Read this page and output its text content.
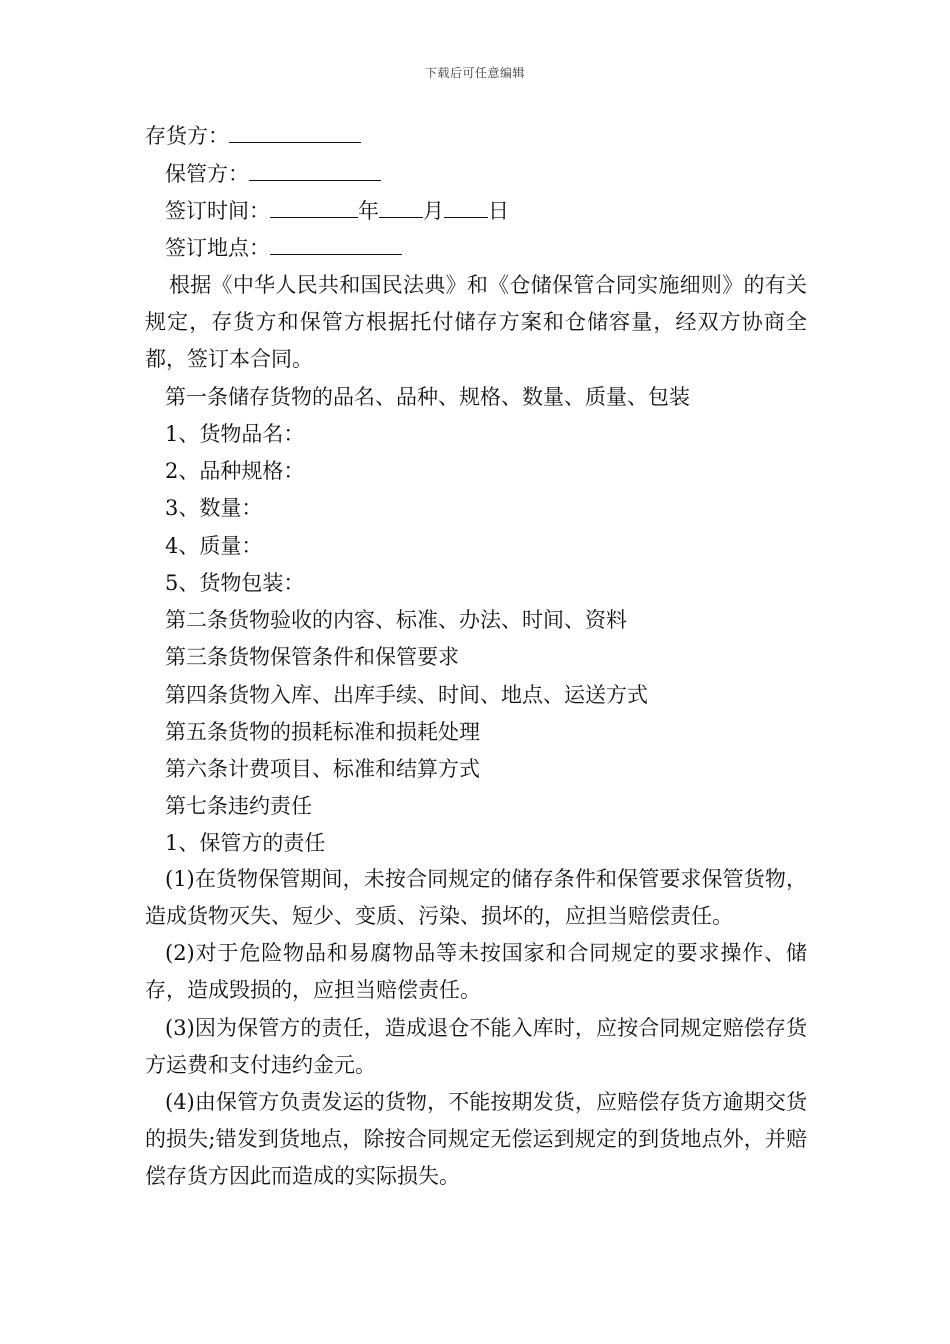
下载后可任意编辑
存货方：
保管方：
签订时间：	年 月 日
签订地点：
根据《中华人民共和国民法典》和《仓储保管合同实施细则》的有关规定，存货方和保管方根据托付储存方案和仓储容量，经双方协商全都，签订本合同。
第一条储存货物的品名、品种、规格、数量、质量、包装
1、货物品名：
2、品种规格：
3、数量：
4、质量：
5、货物包装：
第二条货物验收的内容、标准、办法、时间、资料
第三条货物保管条件和保管要求
第四条货物入库、出库手续、时间、地点、运送方式
第五条货物的损耗标准和损耗处理
第六条计费项目、标准和结算方式
第七条违约责任
1、保管方的责任
(1)在货物保管期间，未按合同规定的储存条件和保管要求保管货物，造成货物灭失、短少、变质、污染、损坏的，应担当赔偿责任。
(2)对于危险物品和易腐物品等未按国家和合同规定的要求操作、储存，造成毁损的，应担当赔偿责任。
(3)因为保管方的责任，造成退仓不能入库时，应按合同规定赔偿存货方运费和支付违约金元。
(4)由保管方负责发运的货物，不能按期发货，应赔偿存货方逾期交货的损失;错发到货地点，除按合同规定无偿运到规定的到货地点外，并赔偿存货方因此而造成的实际损失。
